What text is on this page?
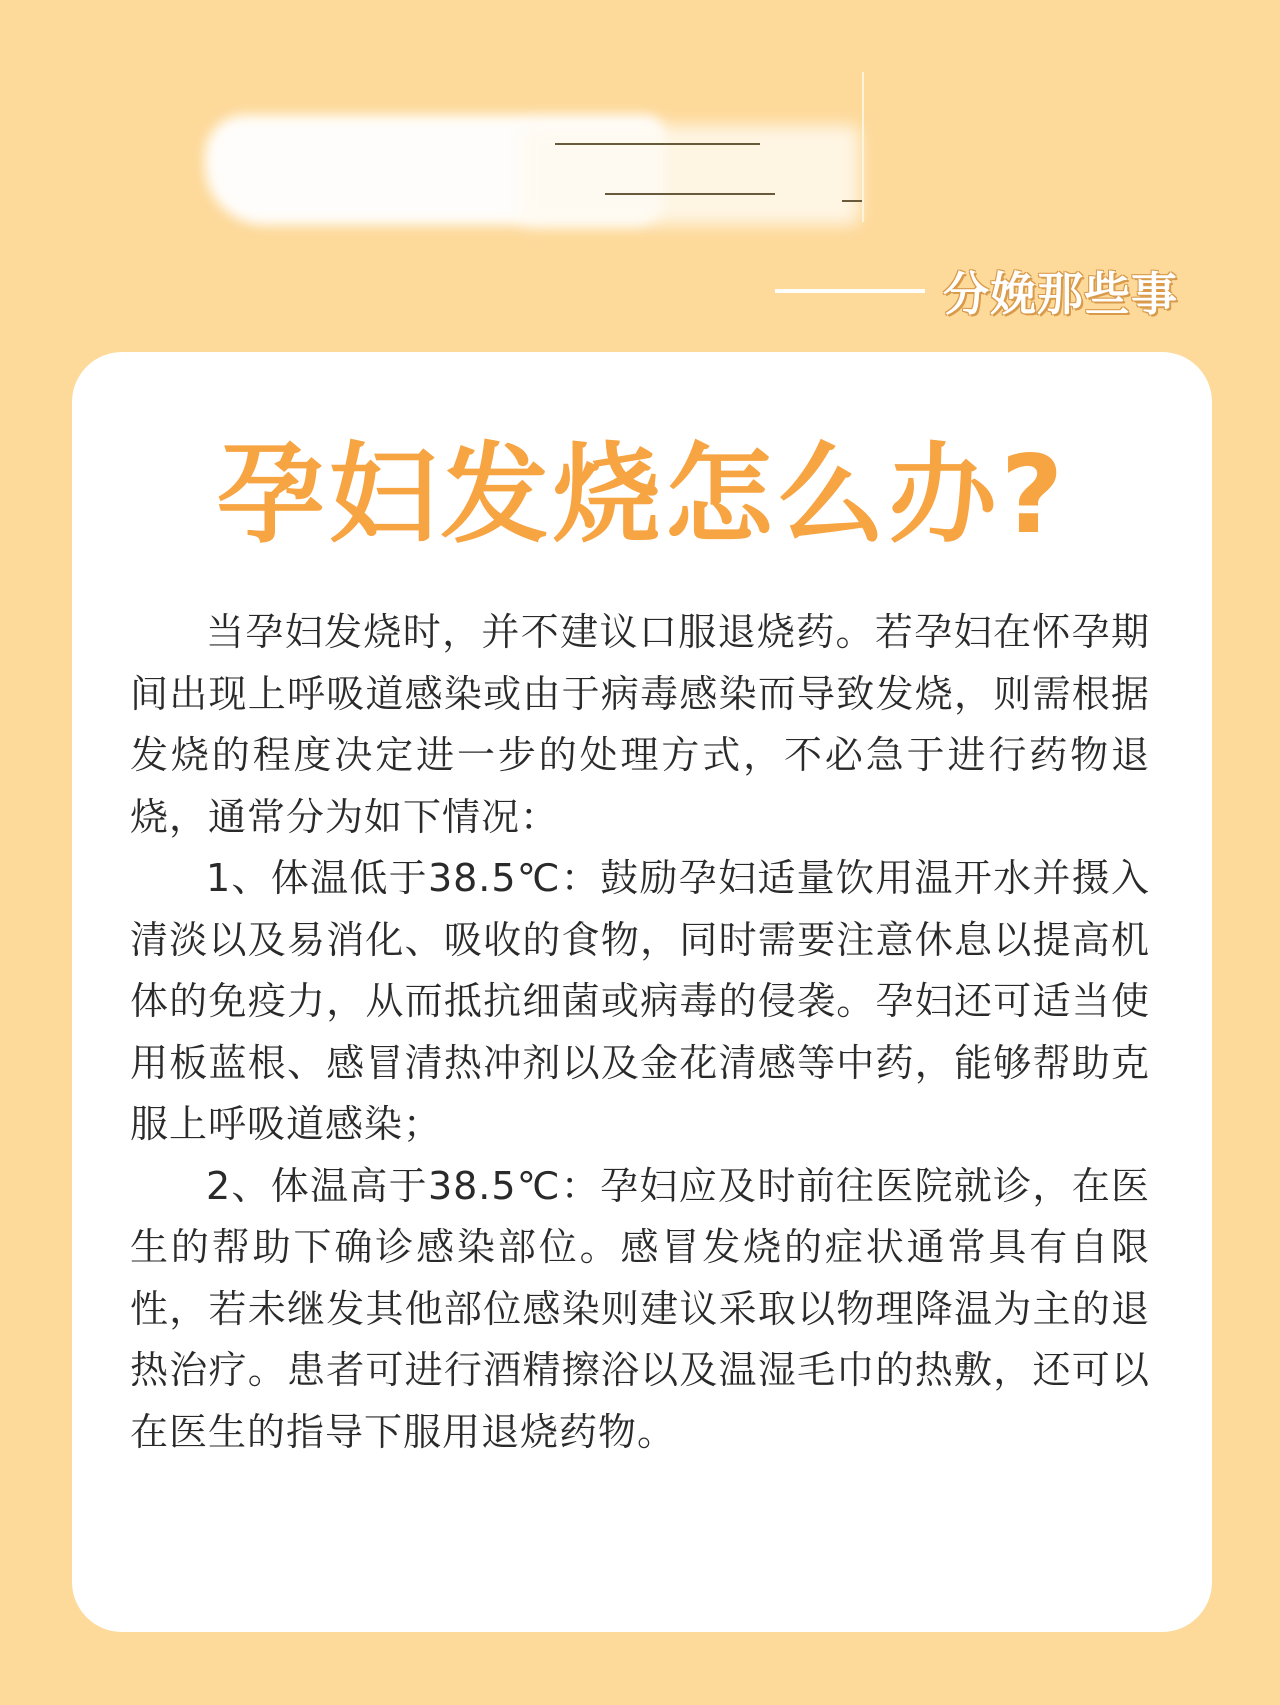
分娩那些事
孕妇发烧怎么办?

当孕妇发烧时，并不建议口服退烧药。若孕妇在怀孕期间出现上呼吸道感染或由于病毒感染而导致发烧，则需根据发烧的程度决定进一步的处理方式，不必急于进行药物退烧，通常分为如下情况：

1、体温低于38.5℃：鼓励孕妇适量饮用温开水并摄入清淡以及易消化、吸收的食物，同时需要注意休息以提高机体的免疫力，从而抵抗细菌或病毒的侵袭。孕妇还可适当使用板蓝根、感冒清热冲剂以及金花清感等中药，能够帮助克服上呼吸道感染；

2、体温高于38.5℃：孕妇应及时前往医院就诊，在医生的帮助下确诊感染部位。感冒发烧的症状通常具有自限性，若未继发其他部位感染则建议采取以物理降温为主的退热治疗。患者可进行酒精擦浴以及温湿毛巾的热敷，还可以在医生的指导下服用退烧药物。
